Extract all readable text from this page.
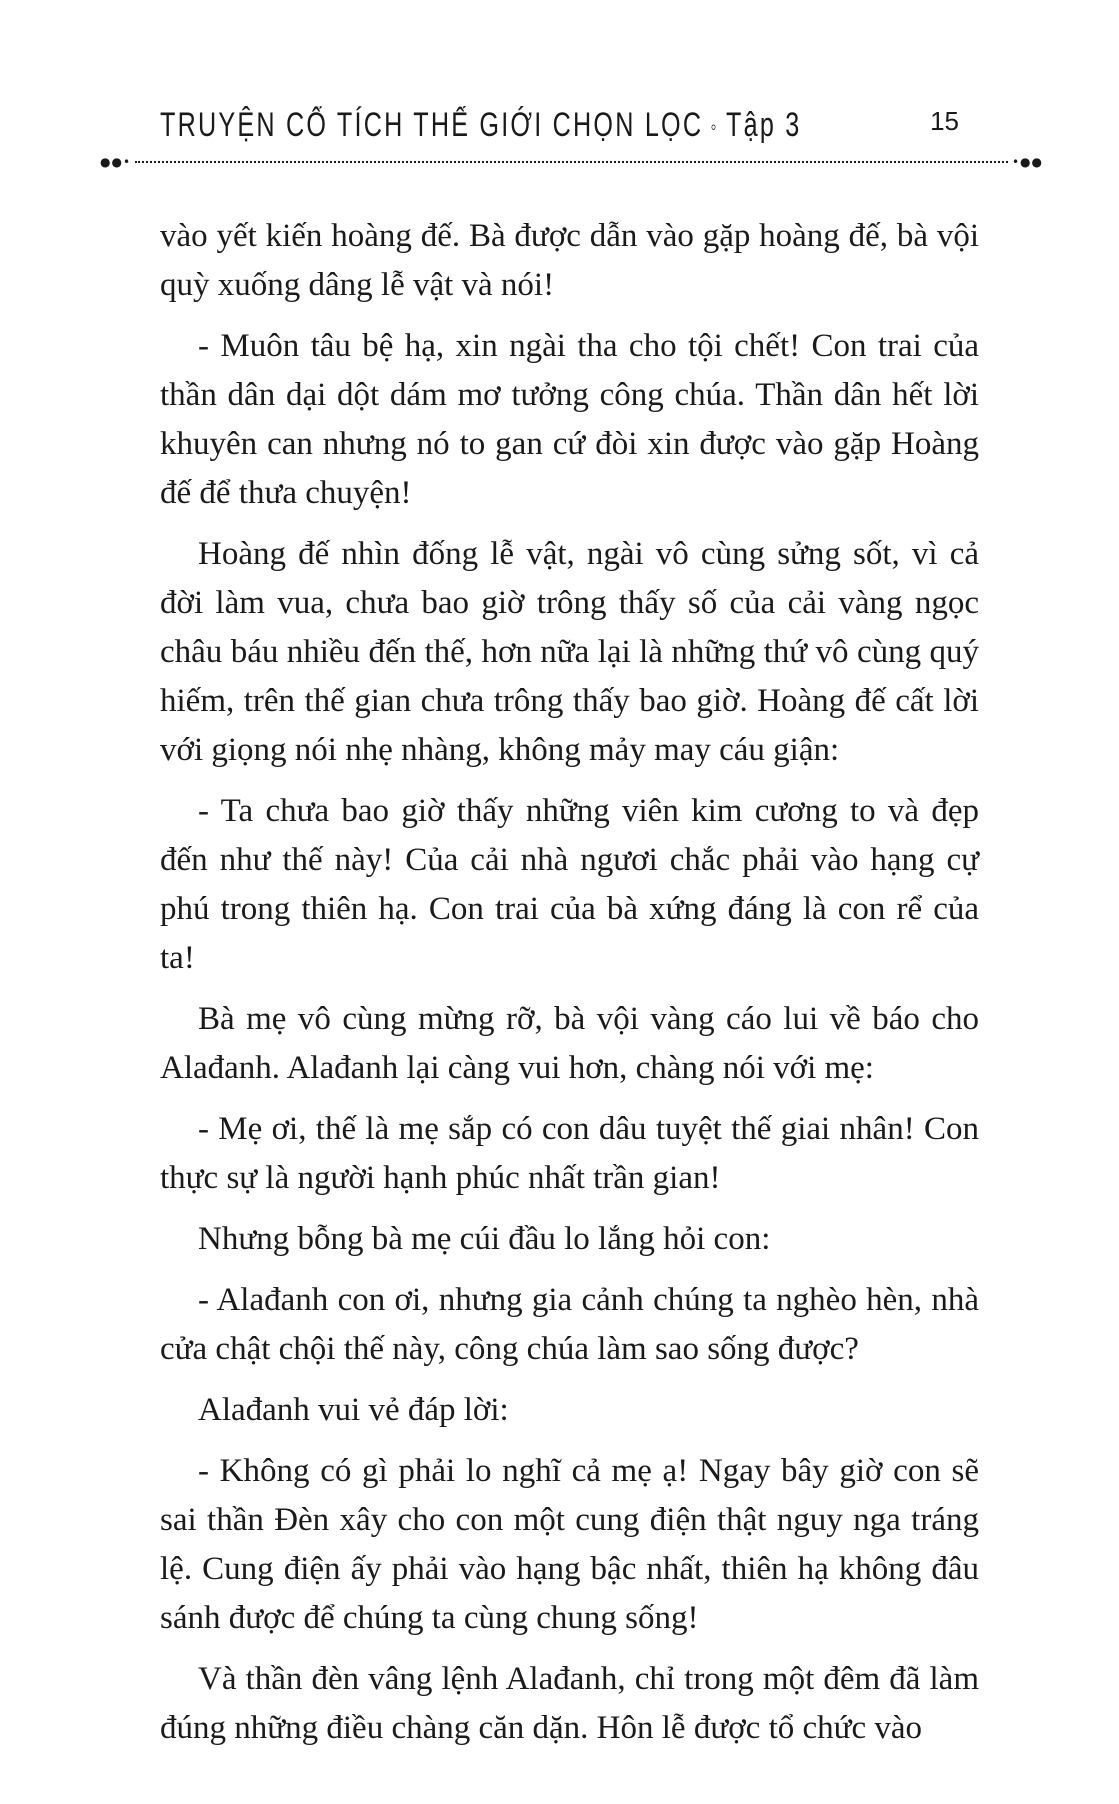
TRUYỆN CỔ TÍCH THẾ GIỚI CHỌN LỌC ◦ Tập 3	15
●●•	•●●

vào yết kiến hoàng đế. Bà được dẫn vào gặp hoàng đế, bà vội quỳ xuống dâng lễ vật và nói!

- Muôn tâu bệ hạ, xin ngài tha cho tội chết! Con trai của thần dân dại dột dám mơ tưởng công chúa. Thần dân hết lời khuyên can nhưng nó to gan cứ đòi xin được vào gặp Hoàng đế để thưa chuyện!

Hoàng đế nhìn đống lễ vật, ngài vô cùng sửng sốt, vì cả đời làm vua, chưa bao giờ trông thấy số của cải vàng ngọc châu báu nhiều đến thế, hơn nữa lại là những thứ vô cùng quý hiếm, trên thế gian chưa trông thấy bao giờ. Hoàng đế cất lời với giọng nói nhẹ nhàng, không mảy may cáu giận:

- Ta chưa bao giờ thấy những viên kim cương to và đẹp đến như thế này! Của cải nhà ngươi chắc phải vào hạng cự phú trong thiên hạ. Con trai của bà xứng đáng là con rể của ta!

Bà mẹ vô cùng mừng rỡ, bà vội vàng cáo lui về báo cho Alađanh. Alađanh lại càng vui hơn, chàng nói với mẹ:

- Mẹ ơi, thế là mẹ sắp có con dâu tuyệt thế giai nhân! Con thực sự là người hạnh phúc nhất trần gian!

Nhưng bỗng bà mẹ cúi đầu lo lắng hỏi con:

- Alađanh con ơi, nhưng gia cảnh chúng ta nghèo hèn, nhà cửa chật chội thế này, công chúa làm sao sống được?

Alađanh vui vẻ đáp lời:

- Không có gì phải lo nghĩ cả mẹ ạ! Ngay bây giờ con sẽ sai thần Đèn xây cho con một cung điện thật nguy nga tráng lệ. Cung điện ấy phải vào hạng bậc nhất, thiên hạ không đâu sánh được để chúng ta cùng chung sống!

Và thần đèn vâng lệnh Alađanh, chỉ trong một đêm đã làm đúng những điều chàng căn dặn. Hôn lễ được tổ chức vào
